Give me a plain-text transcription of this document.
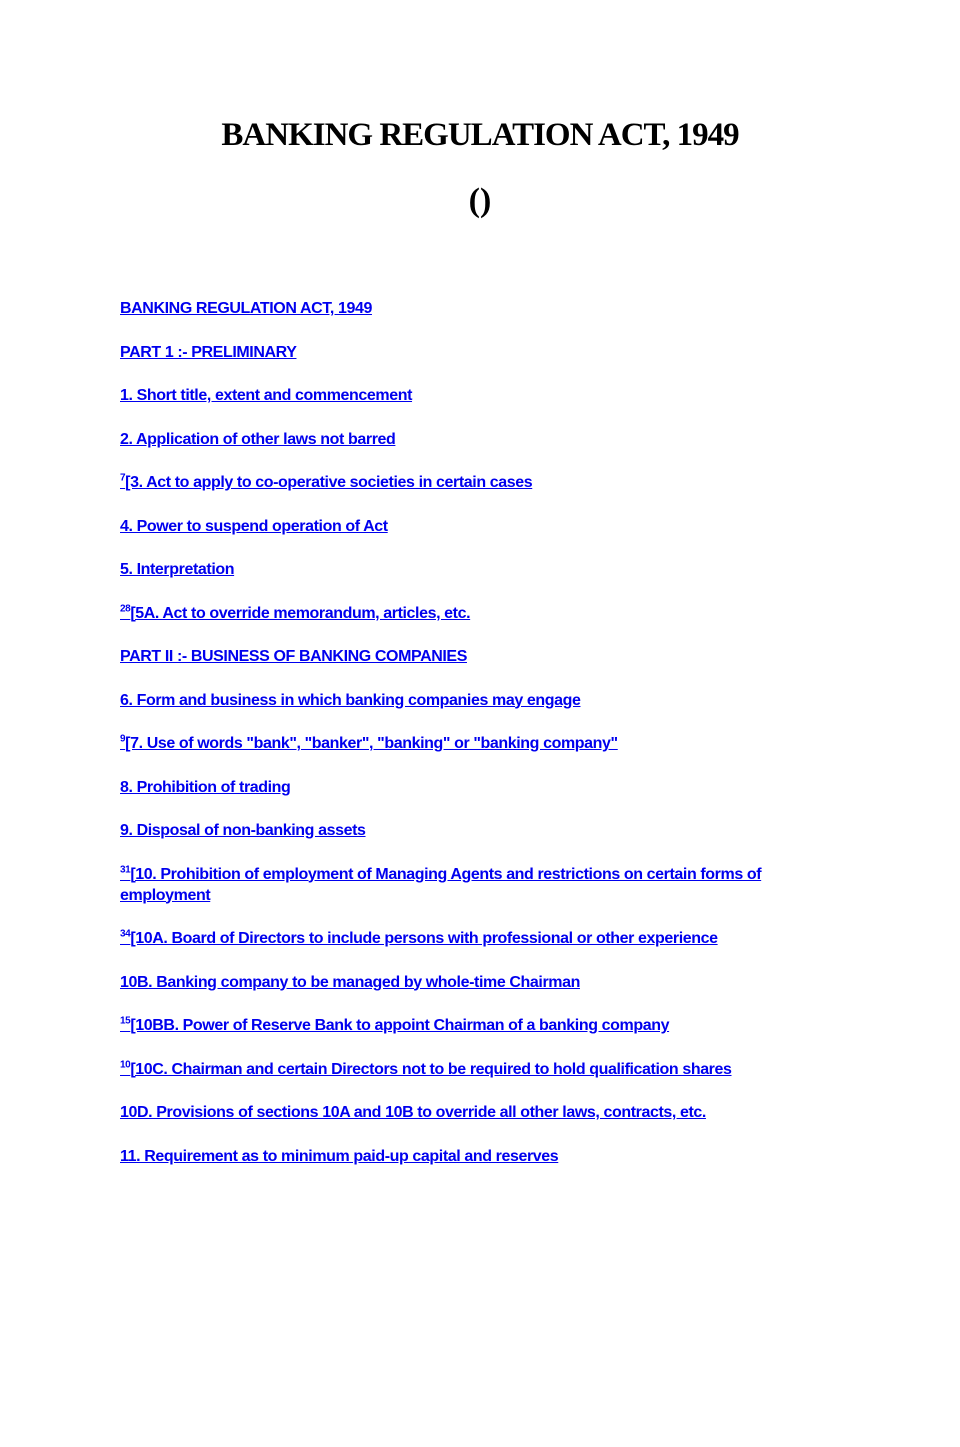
BANKING REGULATION ACT, 1949
()
BANKING REGULATION ACT, 1949
PART 1 :- PRELIMINARY
1. Short title, extent and commencement
2. Application of other laws not barred
$^7$[3. Act to apply to co-operative societies in certain cases
4. Power to suspend operation of Act
5. Interpretation
$^{28}$[5A. Act to override memorandum, articles, etc.
PART II :- BUSINESS OF BANKING COMPANIES
6. Form and business in which banking companies may engage
$^9$[7. Use of words "bank", "banker", "banking" or "banking company"
8. Prohibition of trading
9. Disposal of non-banking assets
$^{31}$[10. Prohibition of employment of Managing Agents and restrictions on certain forms of employment
$^{34}$[10A. Board of Directors to include persons with professional or other experience
10B. Banking company to be managed by whole-time Chairman
$^{15}$[10BB. Power of Reserve Bank to appoint Chairman of a banking company
$^{10}$[10C. Chairman and certain Directors not to be required to hold qualification shares
10D. Provisions of sections 10A and 10B to override all other laws, contracts, etc.
11. Requirement as to minimum paid-up capital and reserves
